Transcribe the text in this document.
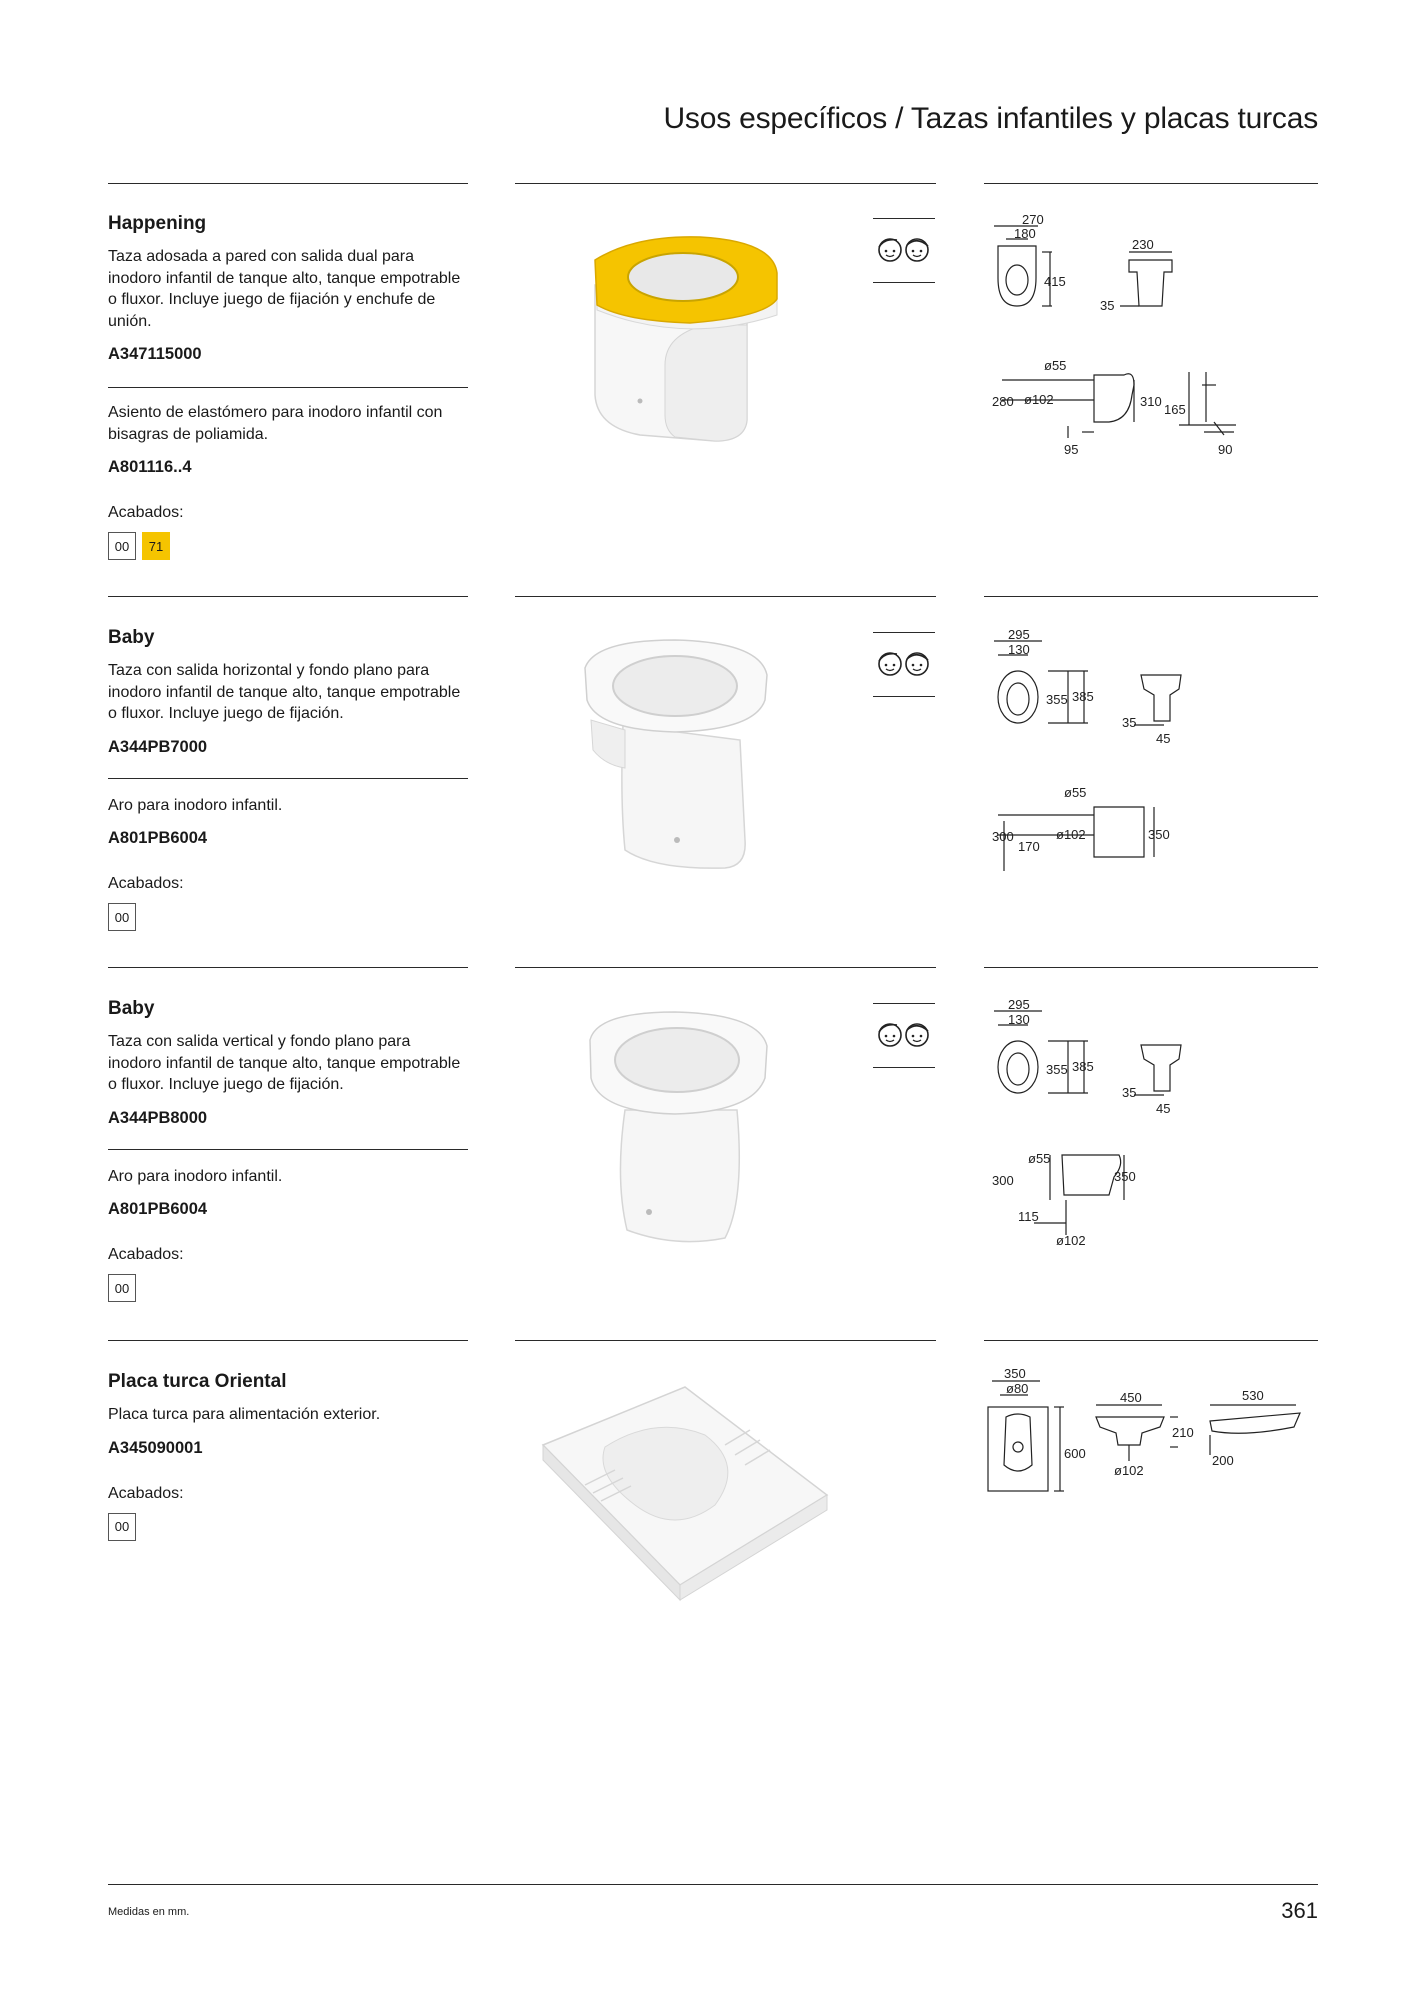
Usos específicos / Tazas infantiles y placas turcas

Happening

Taza adosada a pared con salida dual para inodoro infantil de tanque alto, tanque empotrable o fluxor. Incluye juego de fijación y enchufe de unión.

A347115000

Asiento de elastómero para inodoro infantil con bisagras de poliamida.

A801116..4

Acabados:

00	71
270
180
415
230
35
ø55
280 ø102	310
95
165
90

Baby

Taza con salida horizontal y fondo plano para inodoro infantil de tanque alto, tanque empotrable o fluxor. Incluye juego de fijación.

A344PB7000

Aro para inodoro infantil.

A801PB6004

Acabados:

00
295
130
355 385
35
45
ø55
300
170
ø102	350

Baby

Taza con salida vertical y fondo plano para inodoro infantil de tanque alto, tanque empotrable o fluxor. Incluye juego de fijación.

A344PB8000

Aro para inodoro infantil.

A801PB6004

Acabados:

00
295
130
355 385
35
45
ø55
300	350
115
ø102

Placa turca Oriental

Placa turca para alimentación exterior.

A345090001

Acabados:

00
350
ø80
600
450
210
ø102
530
200
Medidas en mm.	361
